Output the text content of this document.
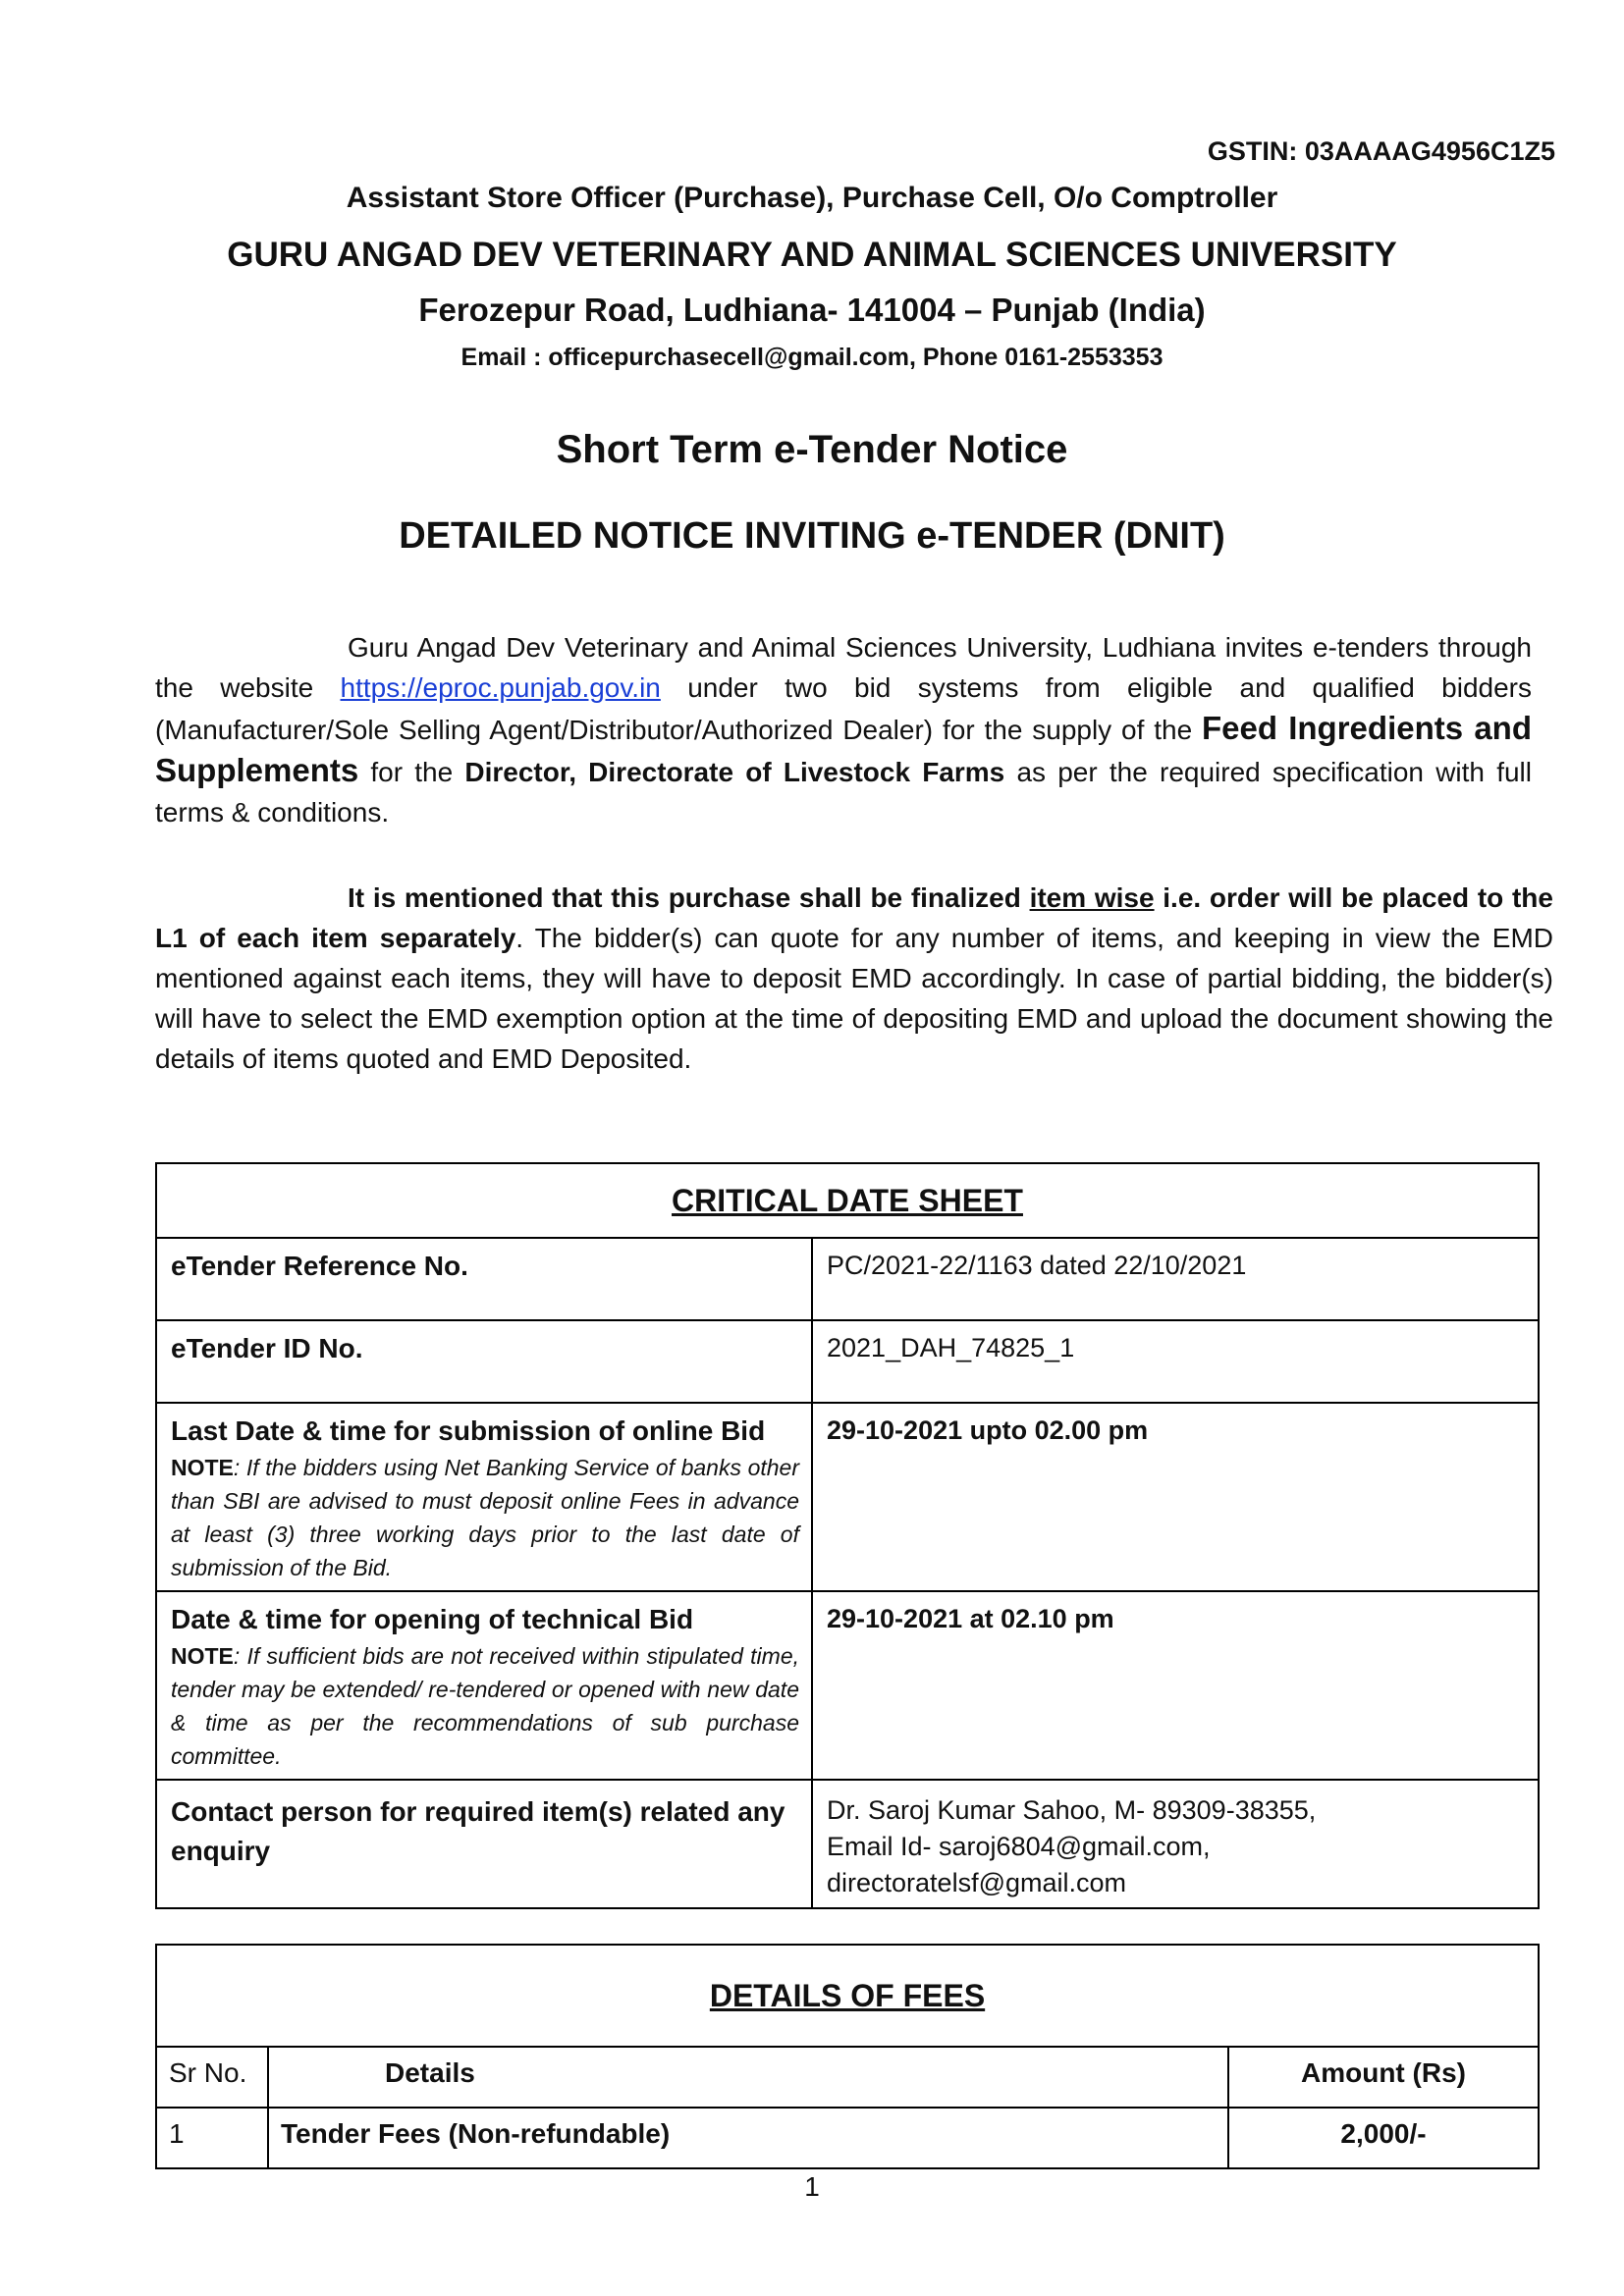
GSTIN: 03AAAAG4956C1Z5
Assistant Store Officer (Purchase), Purchase Cell, O/o Comptroller
GURU ANGAD DEV VETERINARY AND ANIMAL SCIENCES UNIVERSITY
Ferozepur Road, Ludhiana- 141004 – Punjab (India)
Email : officepurchasecell@gmail.com, Phone 0161-2553353
Short Term e-Tender Notice
DETAILED NOTICE INVITING e-TENDER (DNIT)
Guru Angad Dev Veterinary and Animal Sciences University, Ludhiana invites e-tenders through the website https://eproc.punjab.gov.in under two bid systems from eligible and qualified bidders (Manufacturer/Sole Selling Agent/Distributor/Authorized Dealer) for the supply of the Feed Ingredients and Supplements for the Director, Directorate of Livestock Farms as per the required specification with full terms & conditions.
It is mentioned that this purchase shall be finalized item wise i.e. order will be placed to the L1 of each item separately. The bidder(s) can quote for any number of items, and keeping in view the EMD mentioned against each items, they will have to deposit EMD accordingly. In case of partial bidding, the bidder(s) will have to select the EMD exemption option at the time of depositing EMD and upload the document showing the details of items quoted and EMD Deposited.
CRITICAL DATE SHEET	
eTender Reference No.	PC/2021-22/1163 dated 22/10/2021
eTender ID No.	2021_DAH_74825_1
Last Date & time for submission of online Bid
NOTE: If the bidders using Net Banking Service of banks other than SBI are advised to must deposit online Fees in advance at least (3) three working days prior to the last date of submission of the Bid.	29-10-2021 upto 02.00 pm
Date & time for opening of technical Bid
NOTE: If sufficient bids are not received within stipulated time, tender may be extended/ re-tendered or opened with new date & time as per the recommendations of sub purchase committee.	29-10-2021 at 02.10 pm
Contact person for required item(s) related any enquiry	Dr. Saroj Kumar Sahoo, M- 89309-38355,
Email Id- saroj6804@gmail.com,
directoratelsf@gmail.com
DETAILS OF FEES		
Sr No.	Details	Amount (Rs)
1	Tender Fees (Non-refundable)	2,000/-
1
